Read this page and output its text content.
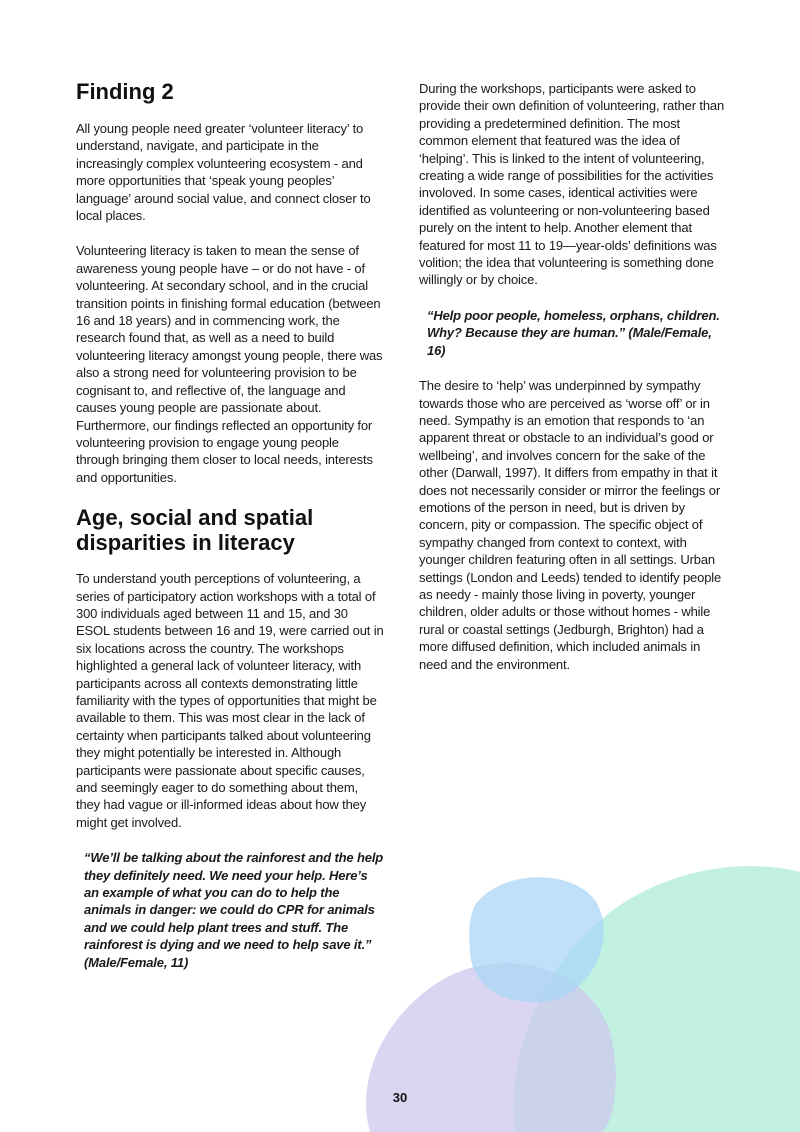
Finding 2

All young people need greater ‘volunteer literacy’ to understand, navigate, and participate in the increasingly complex volunteering ecosystem - and more opportunities that ‘speak young peoples’ language’ around social value, and connect closer to local places.

Volunteering literacy is taken to mean the sense of awareness young people have – or do not have - of volunteering. At secondary school, and in the crucial transition points in finishing formal education (between 16 and 18 years) and in commencing work, the research found that, as well as a need to build volunteering literacy amongst young people, there was also a strong need for volunteering provision to be cognisant to, and reflective of, the language and causes young people are passionate about. Furthermore, our findings reflected an opportunity for volunteering provision to engage young people through bringing them closer to local needs, interests and opportunities.

Age, social and spatial disparities in literacy

To understand youth perceptions of volunteering, a series of participatory action workshops with a total of 300 individuals aged between 11 and 15, and 30 ESOL students between 16 and 19, were carried out in six locations across the country. The workshops highlighted a general lack of volunteer literacy, with participants across all contexts demonstrating little familiarity with the types of opportunities that might be available to them. This was most clear in the lack of certainty when participants talked about volunteering they might potentially be interested in. Although participants were passionate about specific causes, and seemingly eager to do something about them, they had vague or ill-informed ideas about how they might get involved.

“We’ll be talking about the rainforest and the help they definitely need. We need your help. Here’s an example of what you can do to help the animals in danger: we could do CPR for animals and we could help plant trees and stuff. The rainforest is dying and we need to help save it.” (Male/Female, 11)

During the workshops, participants were asked to provide their own definition of volunteering, rather than providing a predetermined definition. The most common element that featured was the idea of ‘helping’. This is linked to the intent of volunteering, creating a wide range of possibilities for the activities involoved. In some cases, identical activities were identified as volunteering or non-volunteering based purely on the intent to help. Another element that featured for most 11 to 19—year-olds’ definitions was volition; the idea that volunteering is something done willingly or by choice.

“Help poor people, homeless, orphans, children. Why? Because they are human.” (Male/Female, 16)

The desire to ‘help’ was underpinned by sympathy towards those who are perceived as ‘worse off’ or in need. Sympathy is an emotion that responds to ‘an apparent threat or obstacle to an individual’s good or wellbeing’, and involves concern for the sake of the other (Darwall, 1997). It differs from empathy in that it does not necessarily consider or mirror the feelings or emotions of the person in need, but is driven by concern, pity or compassion. The specific object of sympathy changed from context to context, with younger children featuring often in all settings. Urban settings (London and Leeds) tended to identify people as needy - mainly those living in poverty, younger children, older adults or those without homes - while rural or coastal settings (Jedburgh, Brighton) had a more diffused definition, which included animals in need and the environment.

30
